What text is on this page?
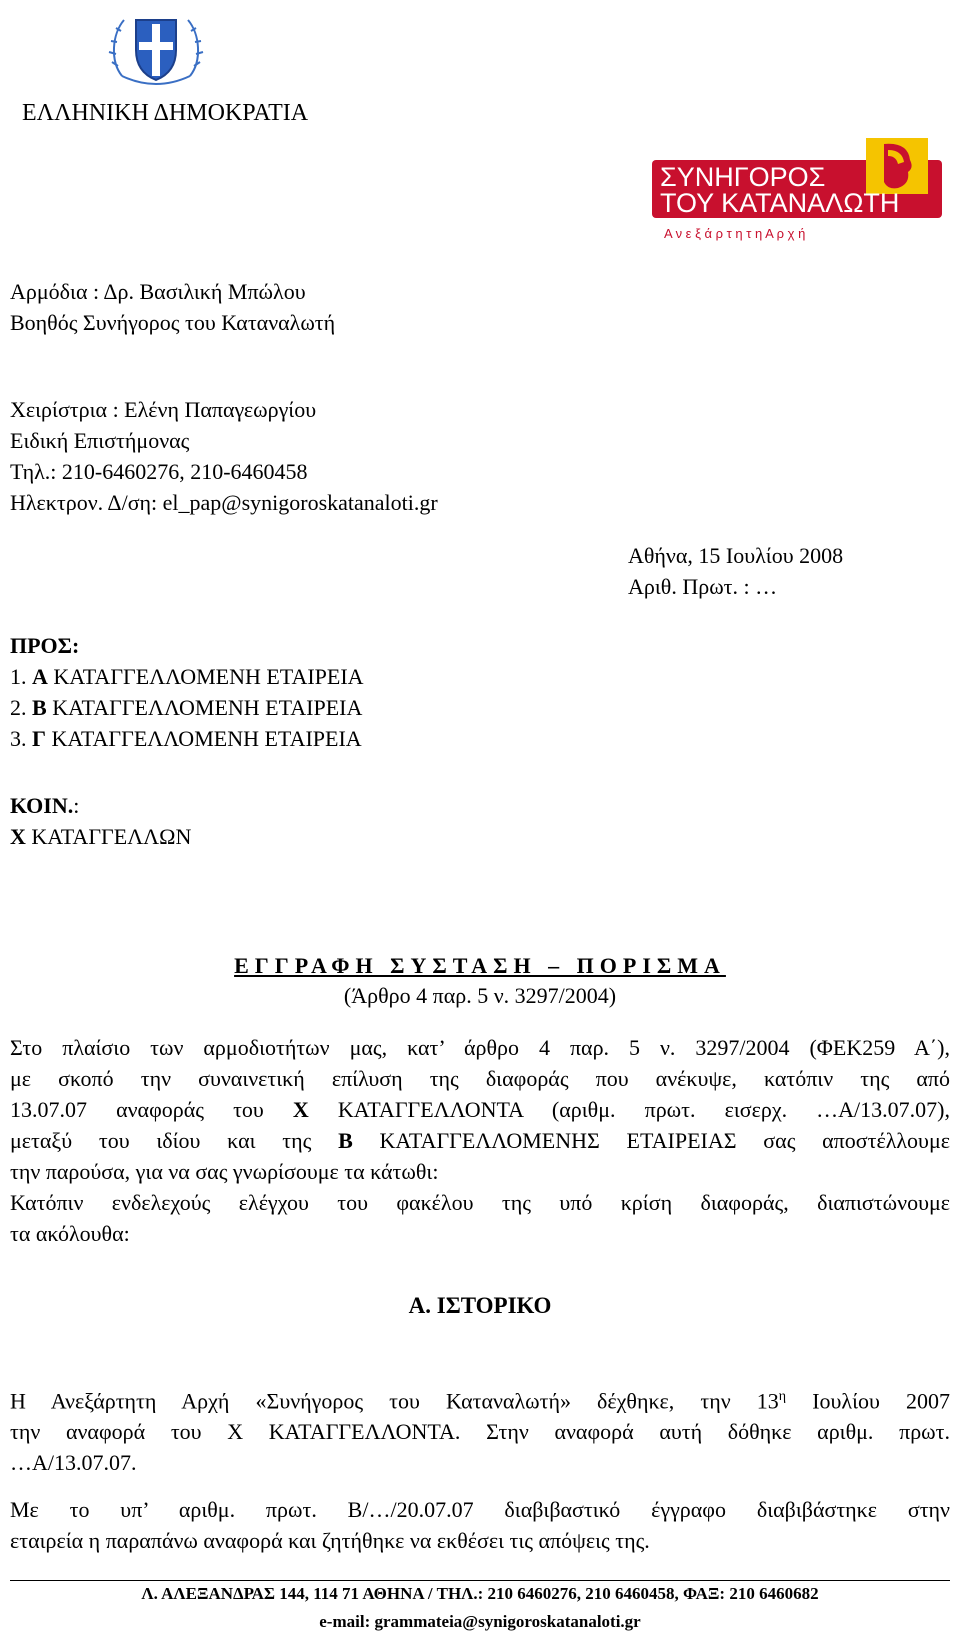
ΕΛΛΗΝΙΚΗ ΔΗΜΟΚΡΑΤΙΑ
ΣΥΝΗΓΟΡΟΣ
ΤΟΥ ΚΑΤΑΝΑΛΩΤΗ
Α ν ε ξ ά ρ τ η τ η Α ρ χ ή
Αρμόδια : Δρ. Βασιλική Μπώλου
Βοηθός Συνήγορος του Καταναλωτή
Χειρίστρια : Ελένη Παπαγεωργίου
Ειδική Επιστήμονας
Τηλ.: 210-6460276, 210-6460458
Ηλεκτρον. Δ/ση: el_pap@synigoroskatanaloti.gr
Αθήνα, 15 Ιουλίου 2008
Αριθ. Πρωτ. : …
ΠΡΟΣ:
1. Α ΚΑΤΑΓΓΕΛΛΟΜΕΝΗ ΕΤΑΙΡΕΙΑ
2. Β ΚΑΤΑΓΓΕΛΛΟΜΕΝΗ ΕΤΑΙΡΕΙΑ
3. Γ ΚΑΤΑΓΓΕΛΛΟΜΕΝΗ ΕΤΑΙΡΕΙΑ
ΚΟΙΝ.:
Χ ΚΑΤΑΓΓΕΛΛΩΝ
ΕΓΓΡΑΦΗ ΣΥΣΤΑΣΗ – ΠΟΡΙΣΜΑ
(Άρθρο 4 παρ. 5 ν. 3297/2004)
Στο πλαίσιο των αρμοδιοτήτων μας, κατ’ άρθρο 4 παρ. 5 ν. 3297/2004 (ΦΕΚ259 Α΄),
με σκοπό την συναινετική επίλυση της διαφοράς που ανέκυψε, κατόπιν της από
13.07.07 αναφοράς του Χ ΚΑΤΑΓΓΕΛΛΟΝΤΑ (αριθμ. πρωτ. εισερχ. …Α/13.07.07),
μεταξύ του ιδίου και της Β ΚΑΤΑΓΓΕΛΛΟΜΕΝΗΣ ΕΤΑΙΡΕΙΑΣ σας αποστέλλουμε
την παρούσα, για να σας γνωρίσουμε τα κάτωθι:
Κατόπιν ενδελεχούς ελέγχου του φακέλου της υπό κρίση διαφοράς, διαπιστώνουμε
τα ακόλουθα:
Α. ΙΣΤΟΡΙΚΟ
Η Ανεξάρτητη Αρχή «Συνήγορος του Καταναλωτή» δέχθηκε, την $13^\eta$ Ιουλίου 2007
την αναφορά του Χ ΚΑΤΑΓΓΕΛΛΟΝΤΑ. Στην αναφορά αυτή δόθηκε αριθμ. πρωτ.
…Α/13.07.07.
Με το υπ’ αριθμ. πρωτ. Β/…/20.07.07 διαβιβαστικό έγγραφο διαβιβάστηκε στην
εταιρεία η παραπάνω αναφορά και ζητήθηκε να εκθέσει τις απόψεις της.
Λ. ΑΛΕΞΑΝΔΡΑΣ 144, 114 71 ΑΘΗΝΑ / ΤΗΛ.: 210 6460276, 210 6460458, ΦΑΞ: 210 6460682
e-mail: grammateia@synigoroskatanaloti.gr
